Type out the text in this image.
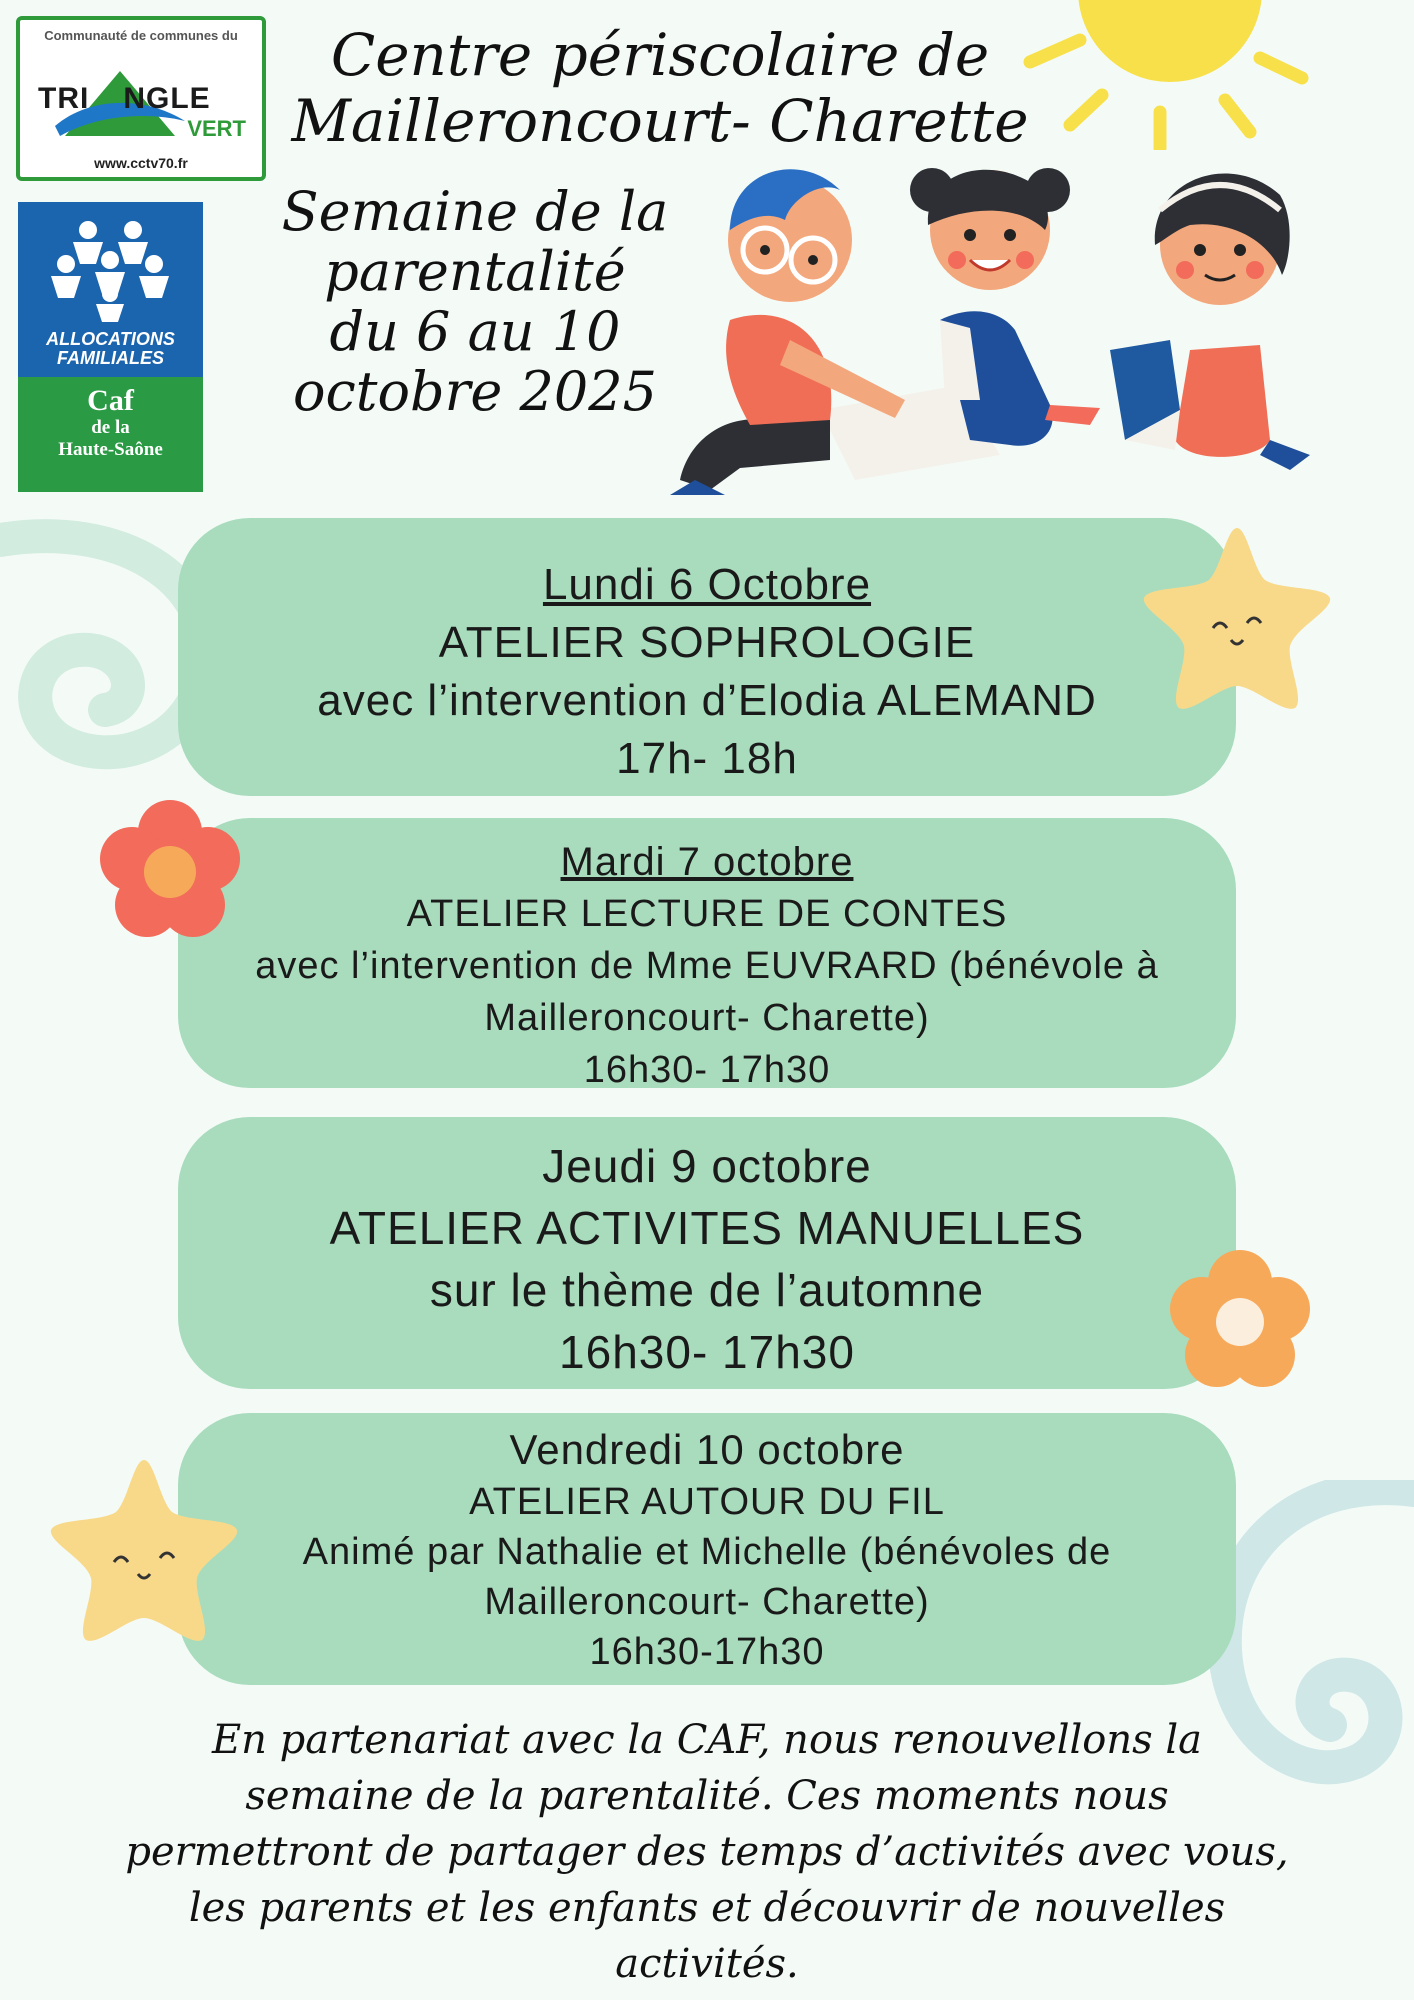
Communauté de communes du
TRI NGLE
VERT
www.cctv70.fr
ALLOCATIONS
FAMILIALES
Caf
de la
Haute-Saône
Centre périscolaire de
Mailleroncourt- Charette
Semaine de la
parentalité
du 6 au 10
octobre 2025
Lundi 6 Octobre
ATELIER SOPHROLOGIE
avec l’intervention d’Elodia ALEMAND
17h- 18h
Mardi 7 octobre
ATELIER LECTURE DE CONTES
avec l’intervention de Mme EUVRARD (bénévole à
Mailleroncourt- Charette)
16h30- 17h30
Jeudi 9 octobre
ATELIER ACTIVITES MANUELLES
sur le thème de l’automne
16h30- 17h30
Vendredi 10 octobre
ATELIER AUTOUR DU FIL
Animé par Nathalie et Michelle (bénévoles de
Mailleroncourt- Charette)
16h30-17h30
En partenariat avec la CAF, nous renouvellons la
semaine de la parentalité. Ces moments nous
permettront de partager des temps d’activités avec vous,
les parents et les enfants et découvrir de nouvelles
activités.
